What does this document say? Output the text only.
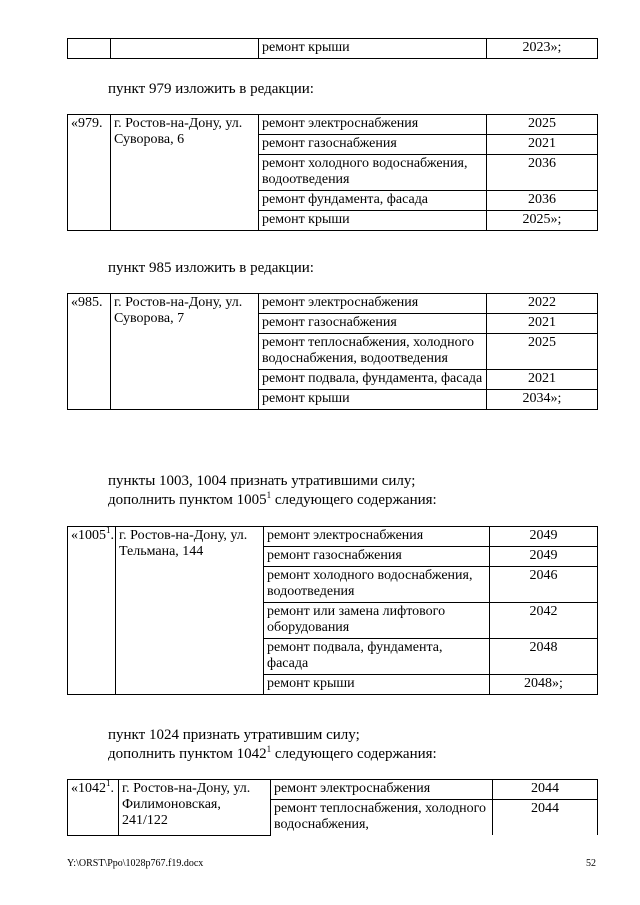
		ремонт крыши	2023»;
пункт 979 изложить в редакции:
«979.	г. Ростов-на-Дону, ул. Суворова, 6	ремонт электроснабжения	2025
		ремонт газоснабжения	2021
		ремонт холодного водоснабжения, водоотведения	2036
		ремонт фундамента, фасада	2036
		ремонт крыши	2025»;
пункт 985 изложить в редакции:
«985.	г. Ростов-на-Дону, ул. Суворова, 7	ремонт электроснабжения	2022
		ремонт газоснабжения	2021
		ремонт теплоснабжения, холодного водоснабжения, водоотведения	2025
		ремонт подвала, фундамента, фасада	2021
		ремонт крыши	2034»;
пункты 1003, 1004 признать утратившими силу;
дополнить пунктом 1005$^1$ следующего содержания:
«1005$^1$.	г. Ростов-на-Дону, ул. Тельмана, 144	ремонт электроснабжения	2049
		ремонт газоснабжения	2049
		ремонт холодного водоснабжения, водоотведения	2046
		ремонт или замена лифтового оборудования	2042
		ремонт подвала, фундамента, фасада	2048
		ремонт крыши	2048»;
пункт 1024 признать утратившим силу;
дополнить пунктом 1042$^1$ следующего содержания:
«1042$^1$.	г. Ростов-на-Дону, ул. Филимоновская, 241/122	ремонт электроснабжения	2044
		ремонт теплоснабжения, холодного водоснабжения,	2044
Y:\ORST\Ppo\1028p767.f19.docx	52
